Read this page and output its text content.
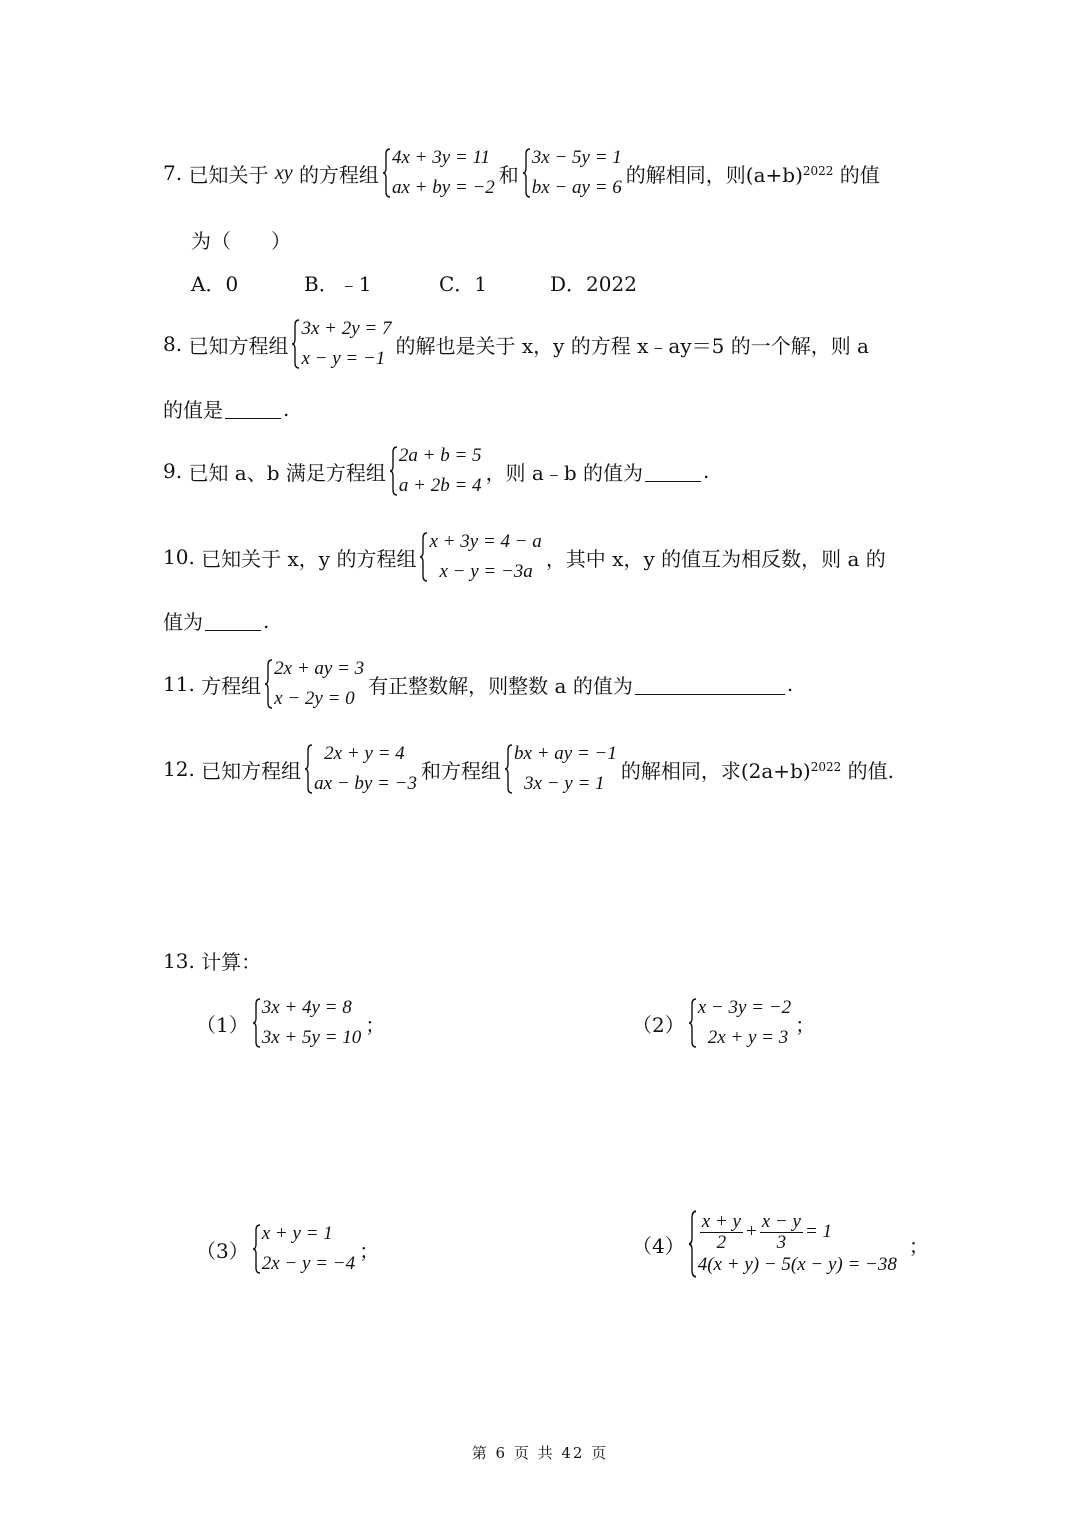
7.
已知关于
xy
的方程组
4x + 3y = 11
ax + by = −2
和
3x − 5y = 1
bx − ay = 6
的解相同，则$(a+b)^{2022}$
的值
为（　　）
A．0	B．﹣1	C．1	D．2022
8.
已知方程组
3x + 2y = 7
x − y = −1
的解也是关于 x，y 的方程 x﹣ay＝5 的一个解，则 a
的值是	.
9.
已知 a、b 满足方程组
2a + b = 5
a + 2b = 4
，则 a﹣b 的值为	.
10.
已知关于 x，y 的方程组
x + 3y = 4 − a
x − y = −3a
，其中 x，y 的值互为相反数，则 a 的
值为	.
11.
方程组
2x + ay = 3
x − 2y = 0
有正整数解，则整数 a 的值为	.
12.
已知方程组
2x + y = 4
ax − by = −3
和方程组
bx + ay = −1
3x − y = 1
的解相同，求$(2a+b)^{2022}$
的值.
13.
计算：
（1）
3x + 4y = 8
3x + 5y = 10
；	（2）
x − 3y = −2
2x + y = 3
；
（3）
x + y = 1
2x − y = −4
；	$(4) \frac{x + y}{2} + \frac{x - y}{3} = 1$
4(x + y) − 5(x − y) = −38
；
第 6 页 共 42 页
